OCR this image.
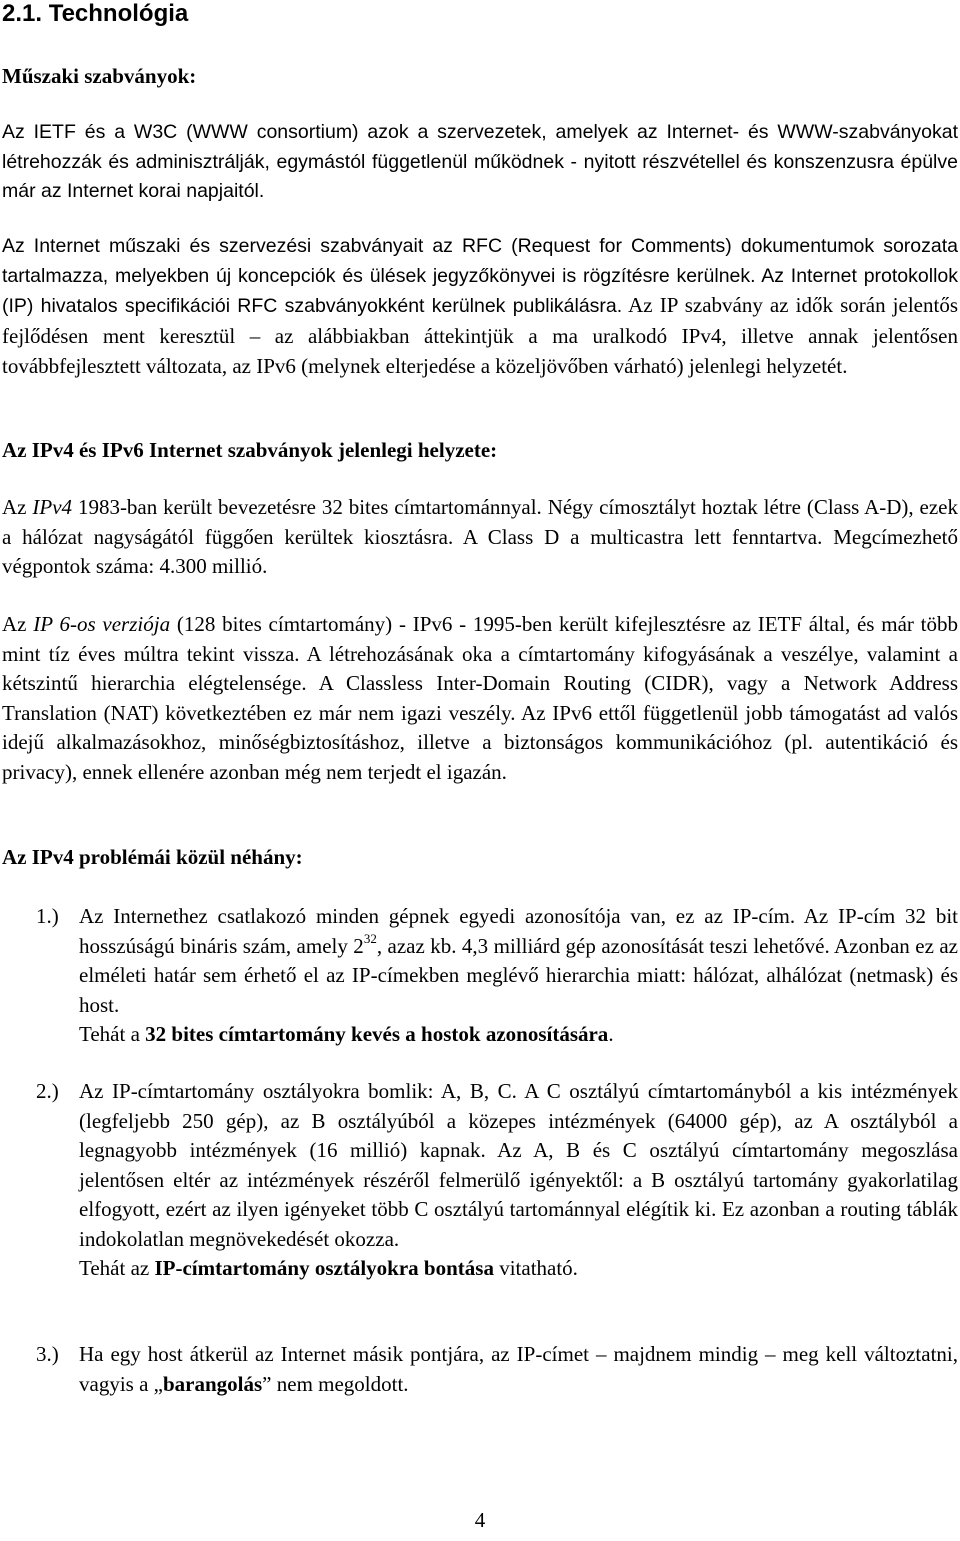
2.1. Technológia
Műszaki szabványok:

Az IETF és a W3C (WWW consortium) azok a szervezetek, amelyek az Internet- és WWW-szabványokat létrehozzák és adminisztrálják, egymástól függetlenül működnek - nyitott részvétellel és konszenzusra épülve már az Internet korai napjaitól.

Az Internet műszaki és szervezési szabványait az RFC (Request for Comments) dokumentumok sorozata tartalmazza, melyekben új koncepciók és ülések jegyzőkönyvei is rögzítésre kerülnek. Az Internet protokollok (IP) hivatalos specifikációi RFC szabványokként kerülnek publikálásra. Az IP szabvány az idők során jelentős fejlődésen ment keresztül – az alábbiakban áttekintjük a ma uralkodó IPv4, illetve annak jelentősen továbbfejlesztett változata, az IPv6 (melynek elterjedése a közeljövőben várható) jelenlegi helyzetét.

Az IPv4 és IPv6 Internet szabványok jelenlegi helyzete:

Az IPv4 1983-ban került bevezetésre 32 bites címtartománnyal. Négy címosztályt hoztak létre (Class A-D), ezek a hálózat nagyságától függően kerültek kiosztásra. A Class D a multicastra lett fenntartva. Megcímezhető végpontok száma: 4.300 millió.

Az IP 6-os verziója (128 bites címtartomány) - IPv6 - 1995-ben került kifejlesztésre az IETF által, és már több mint tíz éves múltra tekint vissza. A létrehozásának oka a címtartomány kifogyásának a veszélye, valamint a kétszintű hierarchia elégtelensége. A Classless Inter-Domain Routing (CIDR), vagy a Network Address Translation (NAT) következtében ez már nem igazi veszély. Az IPv6 ettől függetlenül jobb támogatást ad valós idejű alkalmazásokhoz, minőségbiztosításhoz, illetve a biztonságos kommunikációhoz (pl. autentikáció és privacy), ennek ellenére azonban még nem terjedt el igazán.

Az IPv4 problémái közül néhány:
1.) Az Internethez csatlakozó minden gépnek egyedi azonosítója van, ez az IP-cím. Az IP-cím 32 bit hosszúságú bináris szám, amely $2^{32}$, azaz kb. 4,3 milliárd gép azonosítását teszi lehetővé. Azonban ez az elméleti határ sem érhető el az IP-címekben meglévő hierarchia miatt: hálózat, alhálózat (netmask) és host.
Tehát a 32 bites címtartomány kevés a hostok azonosítására.

2.) Az IP-címtartomány osztályokra bomlik: A, B, C. A C osztályú címtartományból a kis intézmények (legfeljebb 250 gép), az B osztályúból a közepes intézmények (64000 gép), az A osztályból a legnagyobb intézmények (16 millió) kapnak. Az A, B és C osztályú címtartomány megoszlása jelentősen eltér az intézmények részéről felmerülő igényektől: a B osztályú tartomány gyakorlatilag elfogyott, ezért az ilyen igényeket több C osztályú tartománnyal elégítik ki. Ez azonban a routing táblák indokolatlan megnövekedését okozza.
Tehát az IP-címtartomány osztályokra bontása vitatható.

3.) Ha egy host átkerül az Internet másik pontjára, az IP-címet – majdnem mindig – meg kell változtatni, vagyis a „barangolás” nem megoldott.

4
